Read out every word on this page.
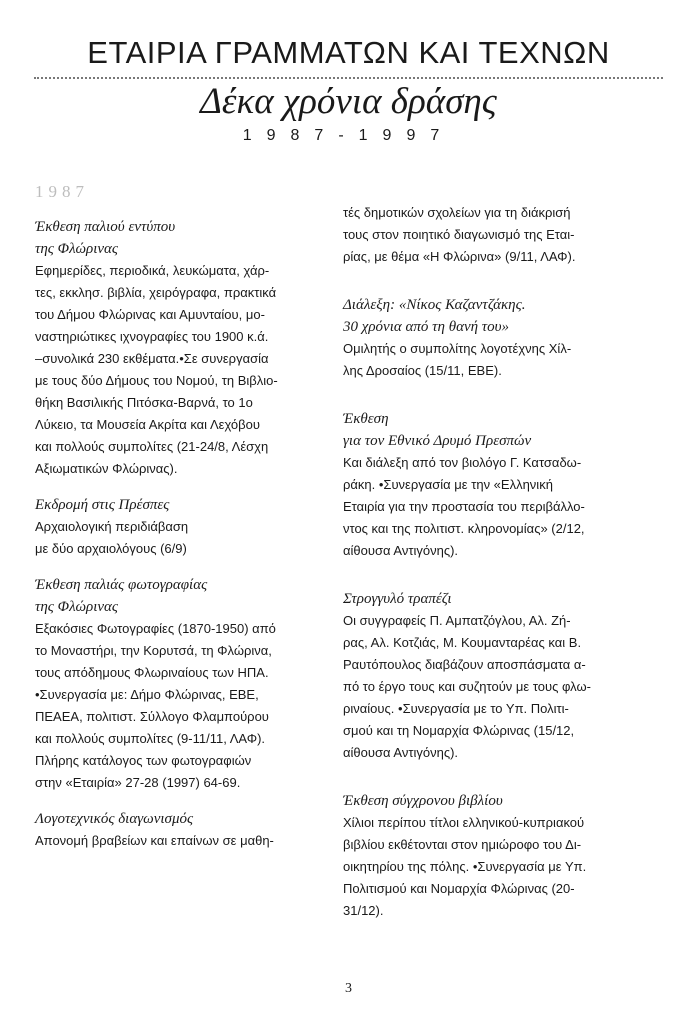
ΕΤΑΙΡΙΑ ΓΡΑΜΜΑΤΩΝ ΚΑΙ ΤΕΧΝΩΝ
Δέκα χρόνια δράσης
1987-1997
1987
Έκθεση παλιού εντύπου
της Φλώρινας
Εφημερίδες, περιοδικά, λευκώματα, χάρ-
τες, εκκλησ. βιβλία, χειρόγραφα, πρακτικά
του Δήμου Φλώρινας και Αμυνταίου, μο-
ναστηριώτικες ιχνογραφίες του 1900 κ.ά.
–συνολικά 230 εκθέματα.•Σε συνεργασία
με τους δύο Δήμους του Νομού, τη Βιβλιο-
θήκη Βασιλικής Πιτόσκα-Βαρνά, το 1ο
Λύκειο, τα Μουσεία Ακρίτα και Λεχόβου
και πολλούς συμπολίτες (21-24/8, Λέσχη
Αξιωματικών Φλώρινας).
Εκδρομή στις Πρέσπες
Αρχαιολογική περιδιάβαση
με δύο αρχαιολόγους (6/9)
Έκθεση παλιάς φωτογραφίας
της Φλώρινας
Εξακόσιες Φωτογραφίες (1870-1950) από
το Μοναστήρι, την Κορυτσά, τη Φλώρινα,
τους απόδημους Φλωριναίους των ΗΠΑ.
•Συνεργασία με: Δήμο Φλώρινας, ΕΒΕ,
ΠΕΑΕΑ, πολιτιστ. Σύλλογο Φλαμπούρου
και πολλούς συμπολίτες (9-11/11, ΛΑΦ).
Πλήρης κατάλογος των φωτογραφιών
στην «Εταιρία» 27-28 (1997) 64-69.
Λογοτεχνικός διαγωνισμός
Απονομή βραβείων και επαίνων σε μαθη-
τές δημοτικών σχολείων για τη διάκρισή
τους στον ποιητικό διαγωνισμό της Εται-
ρίας, με θέμα «Η Φλώρινα» (9/11, ΛΑΦ).
Διάλεξη: «Νίκος Καζαντζάκης.
30 χρόνια από τη θανή του»
Ομιλητής ο συμπολίτης λογοτέχνης Χίλ-
λης Δροσαίος (15/11, ΕΒΕ).
Έκθεση
για τον Εθνικό Δρυμό Πρεσπών
Και διάλεξη από τον βιολόγο Γ. Κατσαδω-
ράκη. •Συνεργασία με την «Ελληνική
Εταιρία για την προστασία του περιβάλλο-
ντος και της πολιτιστ. κληρονομίας» (2/12,
αίθουσα Αντιγόνης).
Στρογγυλό τραπέζι
Οι συγγραφείς Π. Αμπατζόγλου, Αλ. Ζή-
ρας, Αλ. Κοτζιάς, Μ. Κουμανταρέας και Β.
Ραυτόπουλος διαβάζουν αποσπάσματα α-
πό το έργο τους και συζητούν με τους φλω-
ριναίους. •Συνεργασία με το Υπ. Πολιτι-
σμού και τη Νομαρχία Φλώρινας (15/12,
αίθουσα Αντιγόνης).
Έκθεση σύγχρονου βιβλίου
Χίλιοι περίπου τίτλοι ελληνικού-κυπριακού
βιβλίου εκθέτονται στον ημιώροφο του Δι-
οικητηρίου της πόλης. •Συνεργασία με Υπ.
Πολιτισμού και Νομαρχία Φλώρινας (20-
31/12).
3
